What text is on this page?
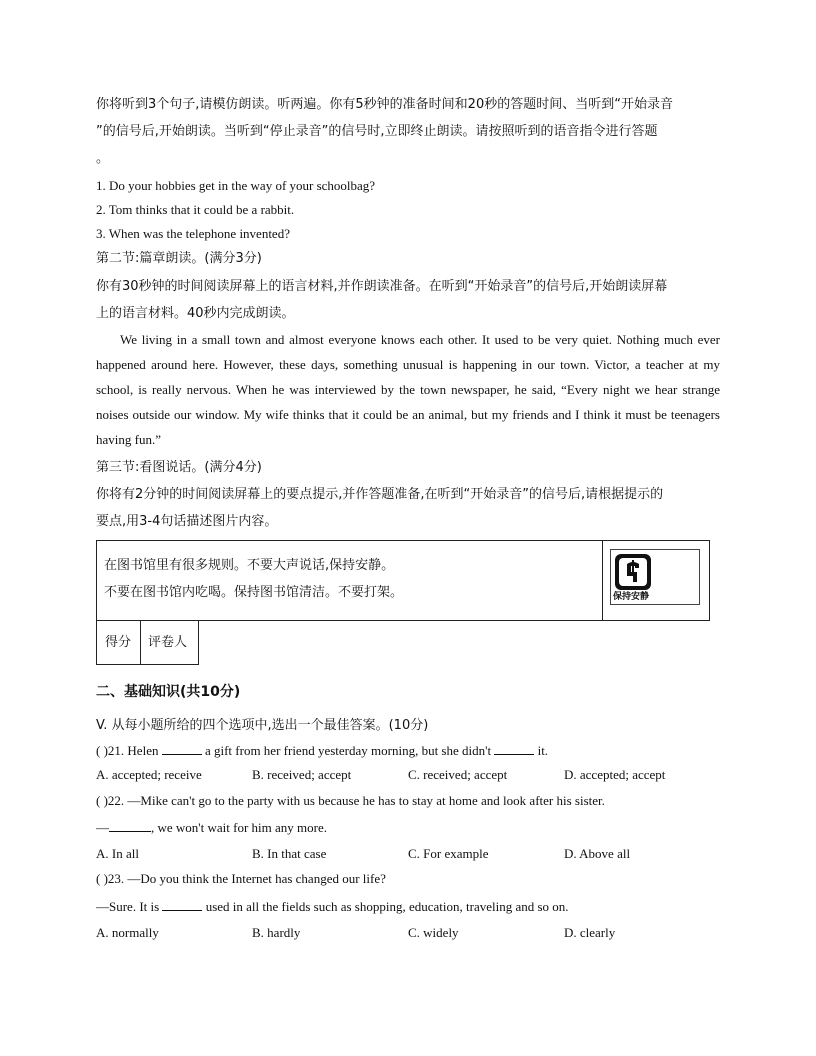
你将听到3个句子,请模仿朗读。听两遍。你有5秒钟的准备时间和20秒的答题时间、当听到“开始录音
”的信号后,开始朗读。当听到“停止录音”的信号时,立即终止朗读。请按照听到的语音指令进行答题
。
1. Do your hobbies get in the way of your schoolbag?
2. Tom thinks that it could be a rabbit.
3. When was the telephone invented?
第二节:篇章朗读。(满分3分)
你有30秒钟的时间阅读屏幕上的语言材料,并作朗读准备。在听到“开始录音”的信号后,开始朗读屏幕
上的语言材料。40秒内完成朗读。
We living in a small town and almost everyone knows each other. It used to be very quiet. Nothing much ever happened around here. However, these days, something unusual is happening in our town. Victor, a teacher at my school, is really nervous. When he was interviewed by the town newspaper, he said, “Every night we hear strange noises outside our window. My wife thinks that it could be an animal, but my friends and I think it must be teenagers having fun.”
第三节:看图说话。(满分4分)
你将有2分钟的时间阅读屏幕上的要点提示,并作答题准备,在听到“开始录音”的信号后,请根据提示的
要点,用3-4句话描述图片内容。
在图书馆里有很多规则。不要大声说话,保持安静。
不要在图书馆内吃喝。保持图书馆清洁。不要打架。	保持安静
得分 评卷人
二、基础知识(共10分)
V. 从每小题所给的四个选项中,选出一个最佳答案。(10分)
( )21. Helen	a gift from her friend yesterday morning, but she didn't	it.
A. accepted; receive	B. received; accept	C. received; accept	D. accepted; accept
( )22. —Mike can't go to the party with us because he has to stay at home and look after his sister.
—	, we won't wait for him any more.
A. In all	B. In that case	C. For example	D. Above all
( )23. —Do you think the Internet has changed our life?
—Sure. It is	used in all the fields such as shopping, education, traveling and so on.
A. normally	B. hardly	C. widely	D. clearly
